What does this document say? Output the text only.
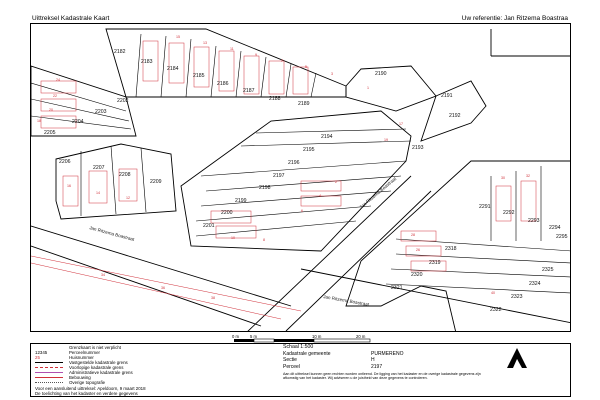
Uittreksel Kadastrale Kaart	Uw referentie: Jan Ritzema Boastraa
2182
2183
2184
2185
2186
2187
2188
2189
2190
2191
2192
2193
2194
2195
2196
2197
2198
2199
2200
2201
2202
2203
2204
2205
2206
2207
2208
2209
2291
2292
2293
2294
2295
2318
2319
2320
2321
2322
2323
2324
2325
15
13
11
9
7
5
3
1
24
22
20
18
16
14
12
10	8
6
4
2
19
17
28
26
30	32
34
36
38
40
Jan Ritzema Boastraat
Jan Ritzema Boastraat
Jan Ritzema Boastraat
0 m	5 m	10 m	20 m
Grenzkaart is niet verplicht
12345	Perceelnummer
25	Huisnummer
Vastgestelde kadastrale grens
Voorlopige kadastrale grens
Administratieve kadastrale grens
Bebouwing
Overige topografie
Voor een aansluitend uittreksel: Apeldoorn, 9 maart 2018
De toelichting van het kadaster en verdere gegevens
Schaal 1:500
Kadastrale gemeente	PURMERENO
Sectie	H
Perceel	2197
Aan dit uittreksel kunnen geen rechten worden ontleend. De ligging van het kadaster en de overige kadastrale gegevens zijn afkomstig van het kadaster. Wij adviseren u de juistheid van deze gegevens te controleren.
